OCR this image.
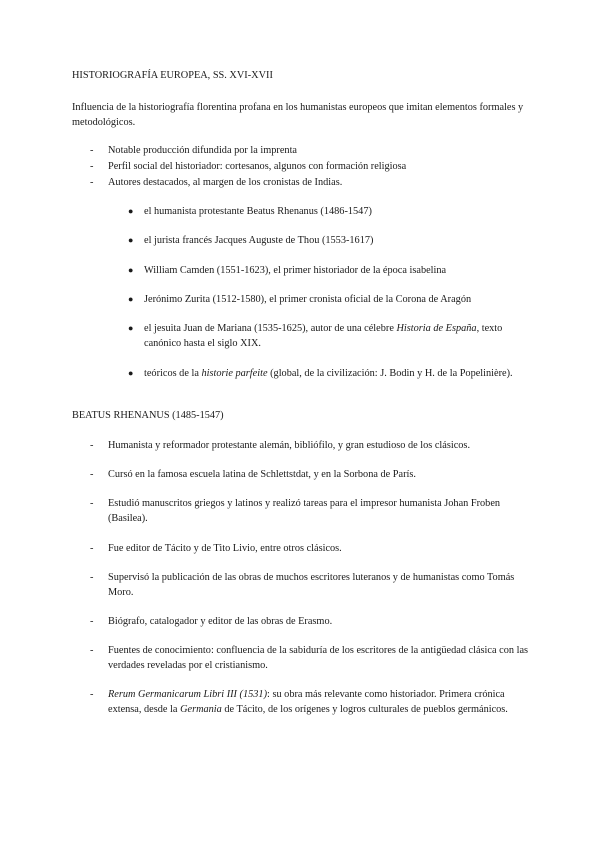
HISTORIOGRAFÍA EUROPEA, SS. XVI-XVII
Influencia de la historiografía florentina profana en los humanistas europeos que imitan elementos formales y metodológicos.
- Notable producción difundida por la imprenta
- Perfil social del historiador: cortesanos, algunos con formación religiosa
- Autores destacados, al margen de los cronistas de Indias.
● el humanista protestante Beatus Rhenanus (1486-1547)
● el jurista francés Jacques Auguste de Thou (1553-1617)
● William Camden (1551-1623), el primer historiador de la época isabelina
● Jerónimo Zurita (1512-1580), el primer cronista oficial de la Corona de Aragón
● el jesuita Juan de Mariana (1535-1625), autor de una célebre Historia de España, texto canónico hasta el siglo XIX.
● teóricos de la historie parfeite (global, de la civilización: J. Bodin y H. de la Popelinière).
BEATUS RHENANUS (1485-1547)
- Humanista y reformador protestante alemán, bibliófilo, y gran estudioso de los clásicos.
- Cursó en la famosa escuela latina de Schlettstdat, y en la Sorbona de París.
- Estudió manuscritos griegos y latinos y realizó tareas para el impresor humanista Johan Froben (Basilea).
- Fue editor de Tácito y de Tito Livio, entre otros clásicos.
- Supervisó la publicación de las obras de muchos escritores luteranos y de humanistas como Tomás Moro.
- Biógrafo, catalogador y editor de las obras de Erasmo.
- Fuentes de conocimiento: confluencia de la sabiduría de los escritores de la antigüedad clásica con las verdades reveladas por el cristianismo.
- Rerum Germanicarum Libri III (1531): su obra más relevante como historiador. Primera crónica extensa, desde la Germania de Tácito, de los orígenes y logros culturales de pueblos germánicos.
